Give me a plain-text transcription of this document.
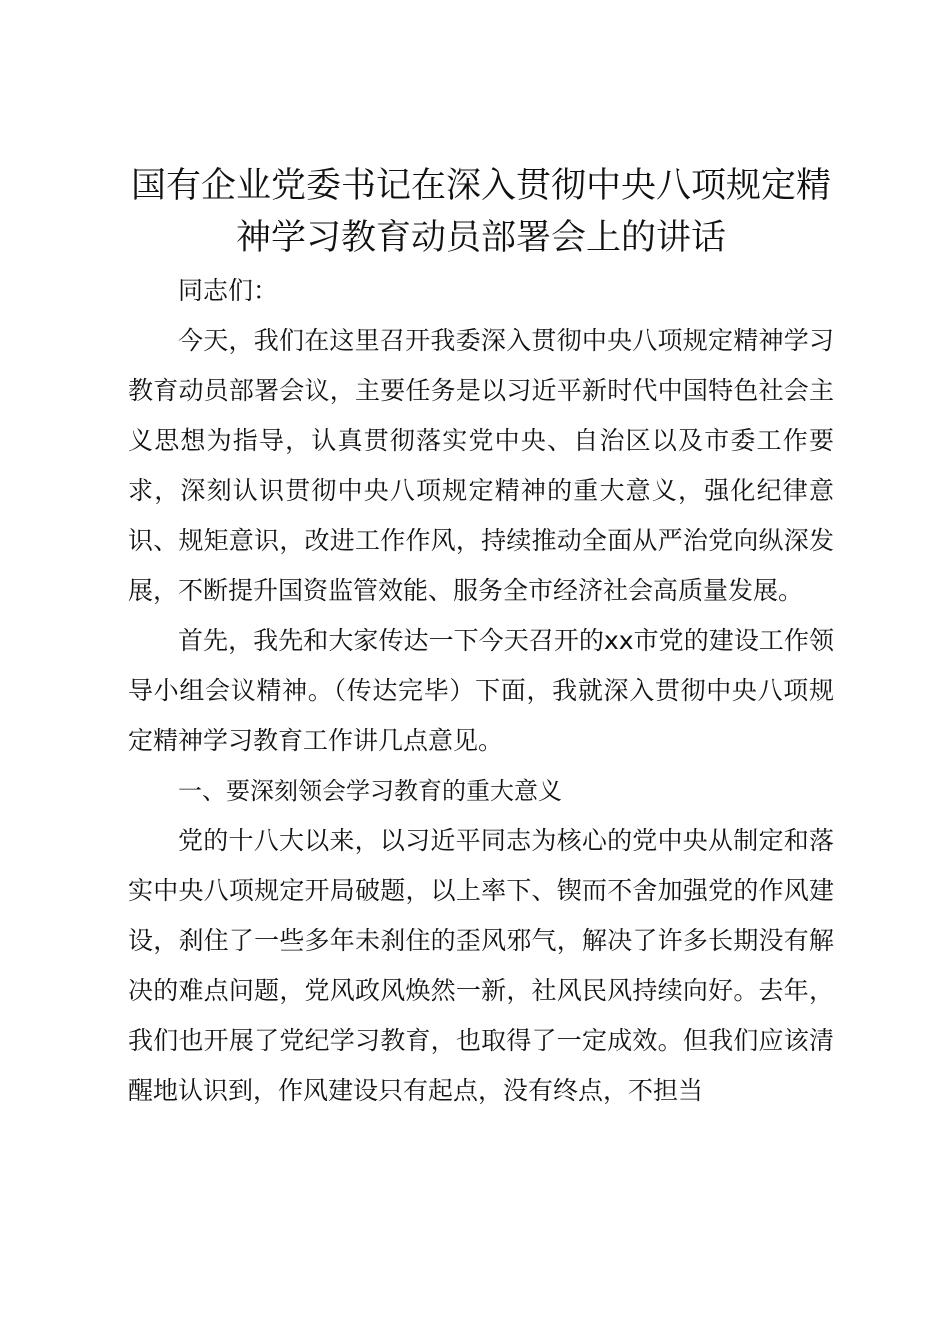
国有企业党委书记在深入贯彻中央八项规定精神学习教育动员部署会上的讲话

同志们：

今天，我们在这里召开我委深入贯彻中央八项规定精神学习教育动员部署会议，主要任务是以习近平新时代中国特色社会主义思想为指导，认真贯彻落实党中央、自治区以及市委工作要求，深刻认识贯彻中央八项规定精神的重大意义，强化纪律意识、规矩意识，改进工作作风，持续推动全面从严治党向纵深发展，不断提升国资监管效能、服务全市经济社会高质量发展。

首先，我先和大家传达一下今天召开的xx市党的建设工作领导小组会议精神。（传达完毕）下面，我就深入贯彻中央八项规定精神学习教育工作讲几点意见。

一、要深刻领会学习教育的重大意义

党的十八大以来，以习近平同志为核心的党中央从制定和落实中央八项规定开局破题，以上率下、锲而不舍加强党的作风建设，刹住了一些多年未刹住的歪风邪气，解决了许多长期没有解决的难点问题，党风政风焕然一新，社风民风持续向好。去年，我们也开展了党纪学习教育，也取得了一定成效。但我们应该清醒地认识到，作风建设只有起点，没有终点，不担当
